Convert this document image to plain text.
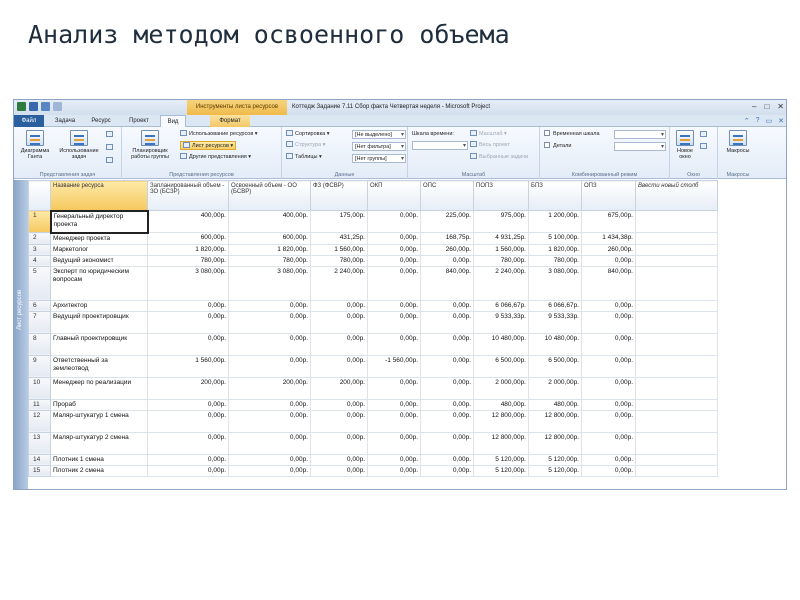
Анализ методом освоенного объема
Инструменты листа ресурсов	Коттедж Задание 7.11 Сбор факта Четвертая неделя - Microsoft Project	– □ ✕
Файл	Задача	Ресурс	Проект	Вид	Формат	⌃ ? ▭ ✕
Диаграмма Ганта
Использование задач
Представления задач
Планировщик работы группы
Использование ресурсов ▾
Лист ресурсов ▾
Другие представления ▾
Представления ресурсов
Сортировка ▾
Структура ▾
Таблицы ▾
[Не выделено] ▾
[Нет фильтра] ▾
[Нет группы] ▾
Данные
Шкала времени:
▾	Масштаб ▾
Весь проект
Выбранные задачи
Масштаб
Временная шкала
▾
Детали
▾
Комбинированный режим
Новое окно
Окно
Макросы
Макросы
Лист ресурсов
	Название ресурса	Запланированный объем - ЗО (БСЗР)	Освоенный объем - ОО (БСВР)	ФЗ (ФСВР)	ОКП	ОПС	ПОПЗ	БПЗ	ОПЗ	Ввести новый столб
1	Генеральный директор проекта	400,00р.	400,00р.	175,00р.	0,00р.	225,00р.	975,00р.	1 200,00р.	675,00р.	
2	Менеджер проекта	600,00р.	600,00р.	431,25р.	0,00р.	168,75р.	4 931,25р.	5 100,00р.	1 434,38р.	
3	Маркетолог	1 820,00р.	1 820,00р.	1 560,00р.	0,00р.	260,00р.	1 560,00р.	1 820,00р.	260,00р.	
4	Ведущий экономист	780,00р.	780,00р.	780,00р.	0,00р.	0,00р.	780,00р.	780,00р.	0,00р.	
5	Эксперт по юридическим вопросам	3 080,00р.	3 080,00р.	2 240,00р.	0,00р.	840,00р.	2 240,00р.	3 080,00р.	840,00р.	
6	Архитектор	0,00р.	0,00р.	0,00р.	0,00р.	0,00р.	6 066,67р.	6 066,67р.	0,00р.	
7	Ведущий проектировщик	0,00р.	0,00р.	0,00р.	0,00р.	0,00р.	9 533,33р.	9 533,33р.	0,00р.	
8	Главный проектировщик	0,00р.	0,00р.	0,00р.	0,00р.	0,00р.	10 480,00р.	10 480,00р.	0,00р.	
9	Ответственный за землеотвод	1 560,00р.	0,00р.	0,00р.	-1 560,00р.	0,00р.	6 500,00р.	6 500,00р.	0,00р.	
10	Менеджер по реализации	200,00р.	200,00р.	200,00р.	0,00р.	0,00р.	2 000,00р.	2 000,00р.	0,00р.	
11	Прораб	0,00р.	0,00р.	0,00р.	0,00р.	0,00р.	480,00р.	480,00р.	0,00р.	
12	Маляр-штукатур 1 смена	0,00р.	0,00р.	0,00р.	0,00р.	0,00р.	12 800,00р.	12 800,00р.	0,00р.	
13	Маляр-штукатур 2 смена	0,00р.	0,00р.	0,00р.	0,00р.	0,00р.	12 800,00р.	12 800,00р.	0,00р.	
14	Плотник 1 смена	0,00р.	0,00р.	0,00р.	0,00р.	0,00р.	5 120,00р.	5 120,00р.	0,00р.	
15	Плотник 2 смена	0,00р.	0,00р.	0,00р.	0,00р.	0,00р.	5 120,00р.	5 120,00р.	0,00р.	
